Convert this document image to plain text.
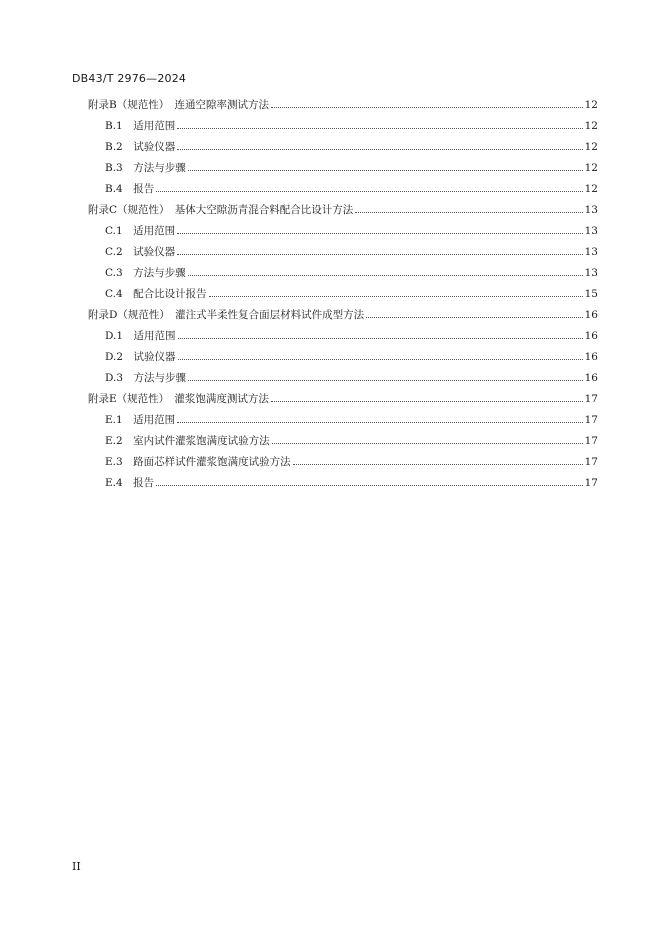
DB43/T 2976—2024
附录B（规范性）　连通空隙率测试方法	12
B.1　适用范围	12
B.2　试验仪器	12
B.3　方法与步骤	12
B.4　报告	12
附录C（规范性）　基体大空隙沥青混合料配合比设计方法	13
C.1　适用范围	13
C.2　试验仪器	13
C.3　方法与步骤	13
C.4　配合比设计报告	15
附录D（规范性）　灌注式半柔性复合面层材料试件成型方法	16
D.1　适用范围	16
D.2　试验仪器	16
D.3　方法与步骤	16
附录E（规范性）　灌浆饱满度测试方法	17
E.1　适用范围	17
E.2　室内试件灌浆饱满度试验方法	17
E.3　路面芯样试件灌浆饱满度试验方法	17
E.4　报告	17
II
